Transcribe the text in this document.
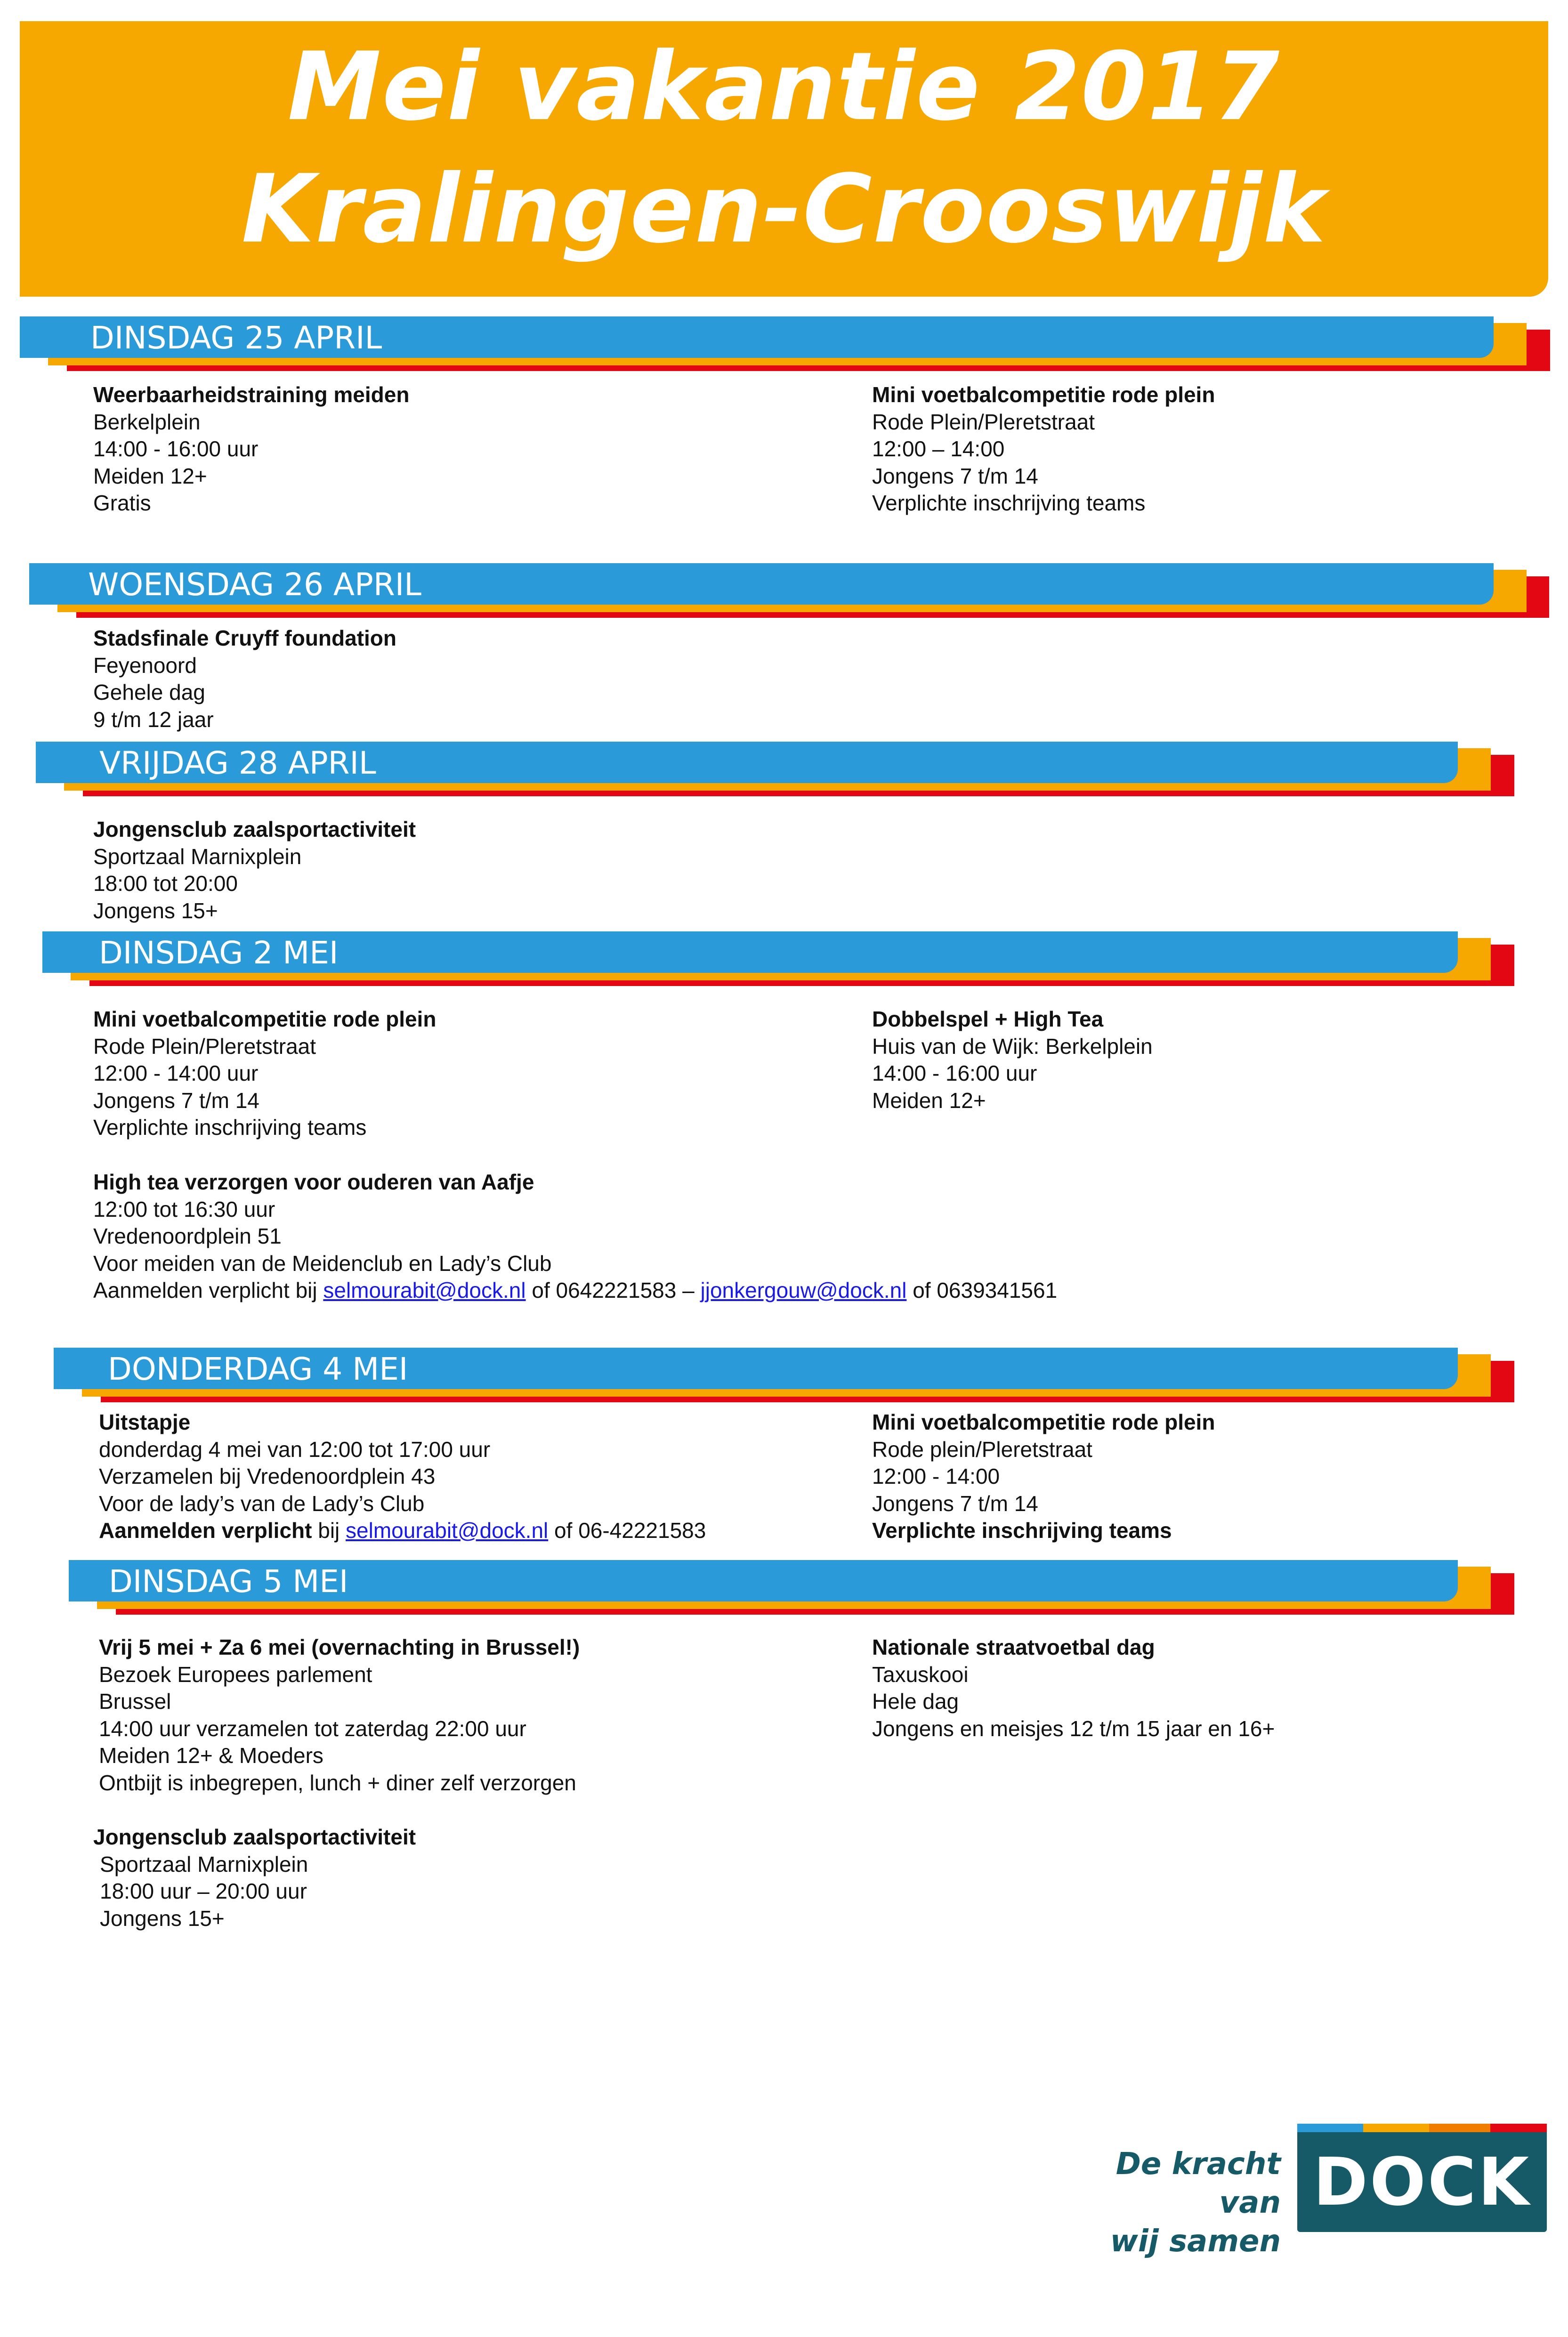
Mei vakantie 2017
Kralingen-Crooswijk
DINSDAG 25 APRIL
Weerbaarheidstraining meiden
Berkelplein
14:00 - 16:00 uur
Meiden 12+
Gratis
Mini voetbalcompetitie rode plein
Rode Plein/Pleretstraat
12:00 – 14:00
Jongens 7 t/m 14
Verplichte inschrijving teams
WOENSDAG 26 APRIL
Stadsfinale Cruyff foundation
Feyenoord
Gehele dag
9 t/m 12 jaar
VRIJDAG 28 APRIL
Jongensclub zaalsportactiviteit
Sportzaal Marnixplein
18:00 tot 20:00
Jongens 15+
DINSDAG 2 MEI
Mini voetbalcompetitie rode plein
Rode Plein/Pleretstraat
12:00 - 14:00 uur
Jongens 7 t/m 14
Verplichte inschrijving teams
Dobbelspel + High Tea
Huis van de Wijk: Berkelplein
14:00 - 16:00 uur
Meiden 12+
High tea verzorgen voor ouderen van Aafje
12:00 tot 16:30 uur
Vredenoordplein 51
Voor meiden van de Meidenclub en Lady’s Club
Aanmelden verplicht bij selmourabit@dock.nl of 0642221583 – jjonkergouw@dock.nl of 0639341561
DONDERDAG 4 MEI
Uitstapje
donderdag 4 mei van 12:00 tot 17:00 uur
Verzamelen bij Vredenoordplein 43
Voor de lady’s van de Lady’s Club
Aanmelden verplicht bij selmourabit@dock.nl of 06-42221583
Mini voetbalcompetitie rode plein
Rode plein/Pleretstraat
12:00 - 14:00
Jongens 7 t/m 14
Verplichte inschrijving teams
DINSDAG 5 MEI
Vrij 5 mei + Za 6 mei (overnachting in Brussel!)
Bezoek Europees parlement
Brussel
14:00 uur verzamelen tot zaterdag 22:00 uur
Meiden 12+ & Moeders
Ontbijt is inbegrepen, lunch + diner zelf verzorgen
Nationale straatvoetbal dag
Taxuskooi
Hele dag
Jongens en meisjes 12 t/m 15 jaar en 16+
Jongensclub zaalsportactiviteit
Sportzaal Marnixplein
18:00 uur – 20:00 uur
Jongens 15+
De kracht van
wij samen
DOCK
